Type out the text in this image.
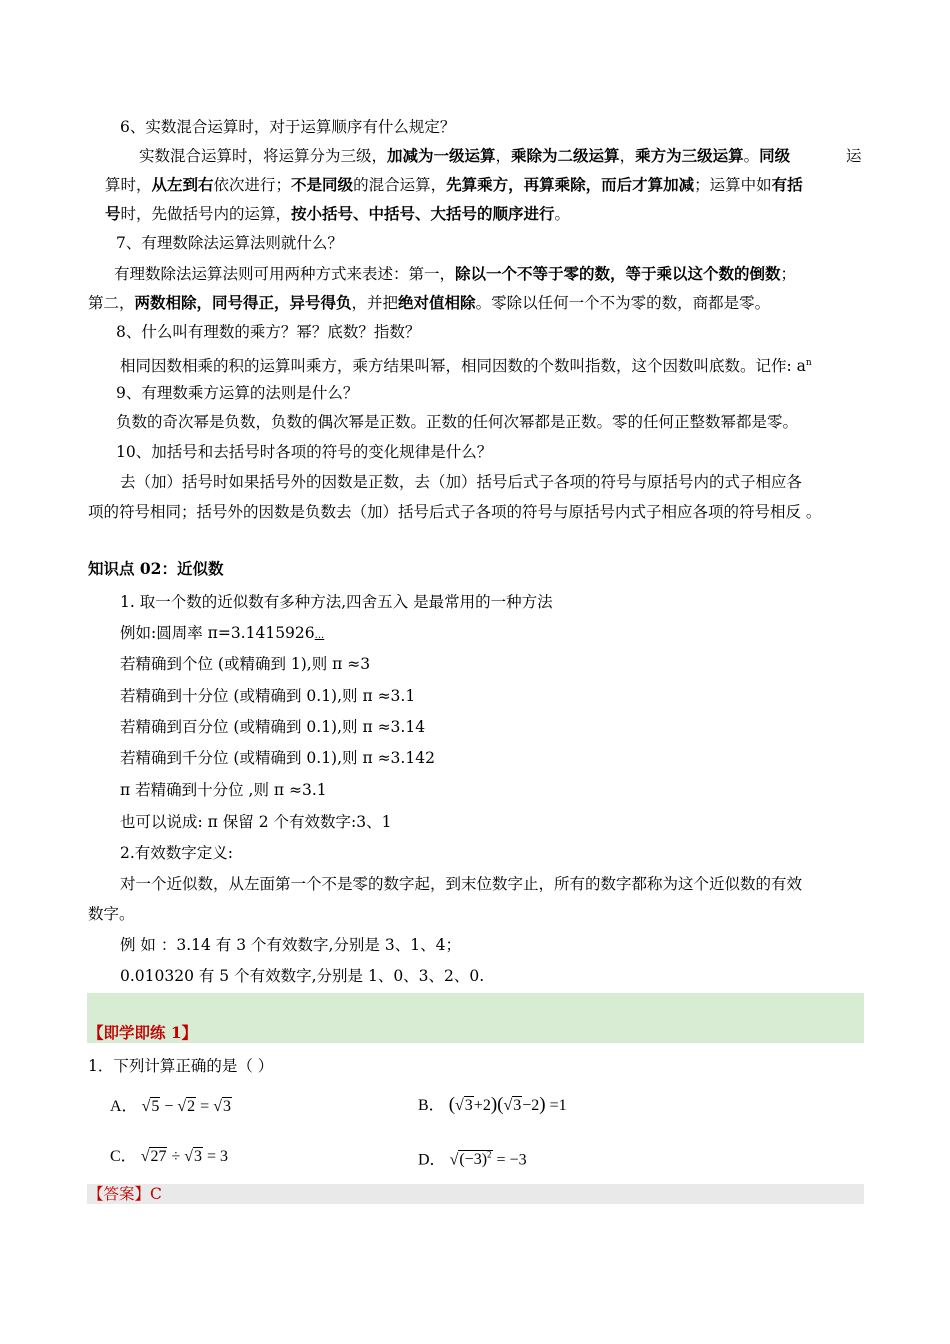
6、实数混合运算时，对于运算顺序有什么规定？
实数混合运算时，将运算分为三级，加减为一级运算，乘除为二级运算，乘方为三级运算。同级	运
算时，从左到右依次进行；不是同级的混合运算，先算乘方，再算乘除，而后才算加减；运算中如有括
号时，先做括号内的运算，按小括号、中括号、大括号的顺序进行。
7、有理数除法运算法则就什么？
有理数除法运算法则可用两种方式来表述：第一，除以一个不等于零的数，等于乘以这个数的倒数；
第二，两数相除，同号得正，异号得负，并把绝对值相除。零除以任何一个不为零的数，商都是零。
8、什么叫有理数的乘方？幂？底数？指数？
相同因数相乘的积的运算叫乘方，乘方结果叫幂，相同因数的个数叫指数，这个因数叫底数。记作: $a^n$
9、有理数乘方运算的法则是什么？
负数的奇次幂是负数，负数的偶次幂是正数。正数的任何次幂都是正数。零的任何正整数幂都是零。
10、加括号和去括号时各项的符号的变化规律是什么？
去（加）括号时如果括号外的因数是正数，去（加）括号后式子各项的符号与原括号内的式子相应各
项的符号相同；括号外的因数是负数去（加）括号后式子各项的符号与原括号内式子相应各项的符号相反 。
知识点 02：近似数
1. 取一个数的近似数有多种方法,四舍五入 是最常用的一种方法
例如:圆周率 π=3.1415926...
若精确到个位 (或精确到 1),则 π ≈3
若精确到十分位 (或精确到 0.1),则 π ≈3.1
若精确到百分位 (或精确到 0.1),则 π ≈3.14
若精确到千分位 (或精确到 0.1),则 π ≈3.142
π 若精确到十分位 ,则 π ≈3.1
也可以说成: π 保留 2 个有效数字:3、1
2.有效数字定义:
对一个近似数，从左面第一个不是零的数字起，到末位数字止，所有的数字都称为这个近似数的有效
数字。
例 如 ：3.14 有 3 个有效数字,分别是 3、1、4；
0.010320 有 5 个有效数字,分别是 1、0、3、2、0.
【即学即练 1】
1．下列计算正确的是（ ）
A． √5 − √2 = √3	B． (√3+2)(√3−2) =1
C． √27 ÷ √3 = 3	D． $√(-3)^2 = -3$
【答案】C
